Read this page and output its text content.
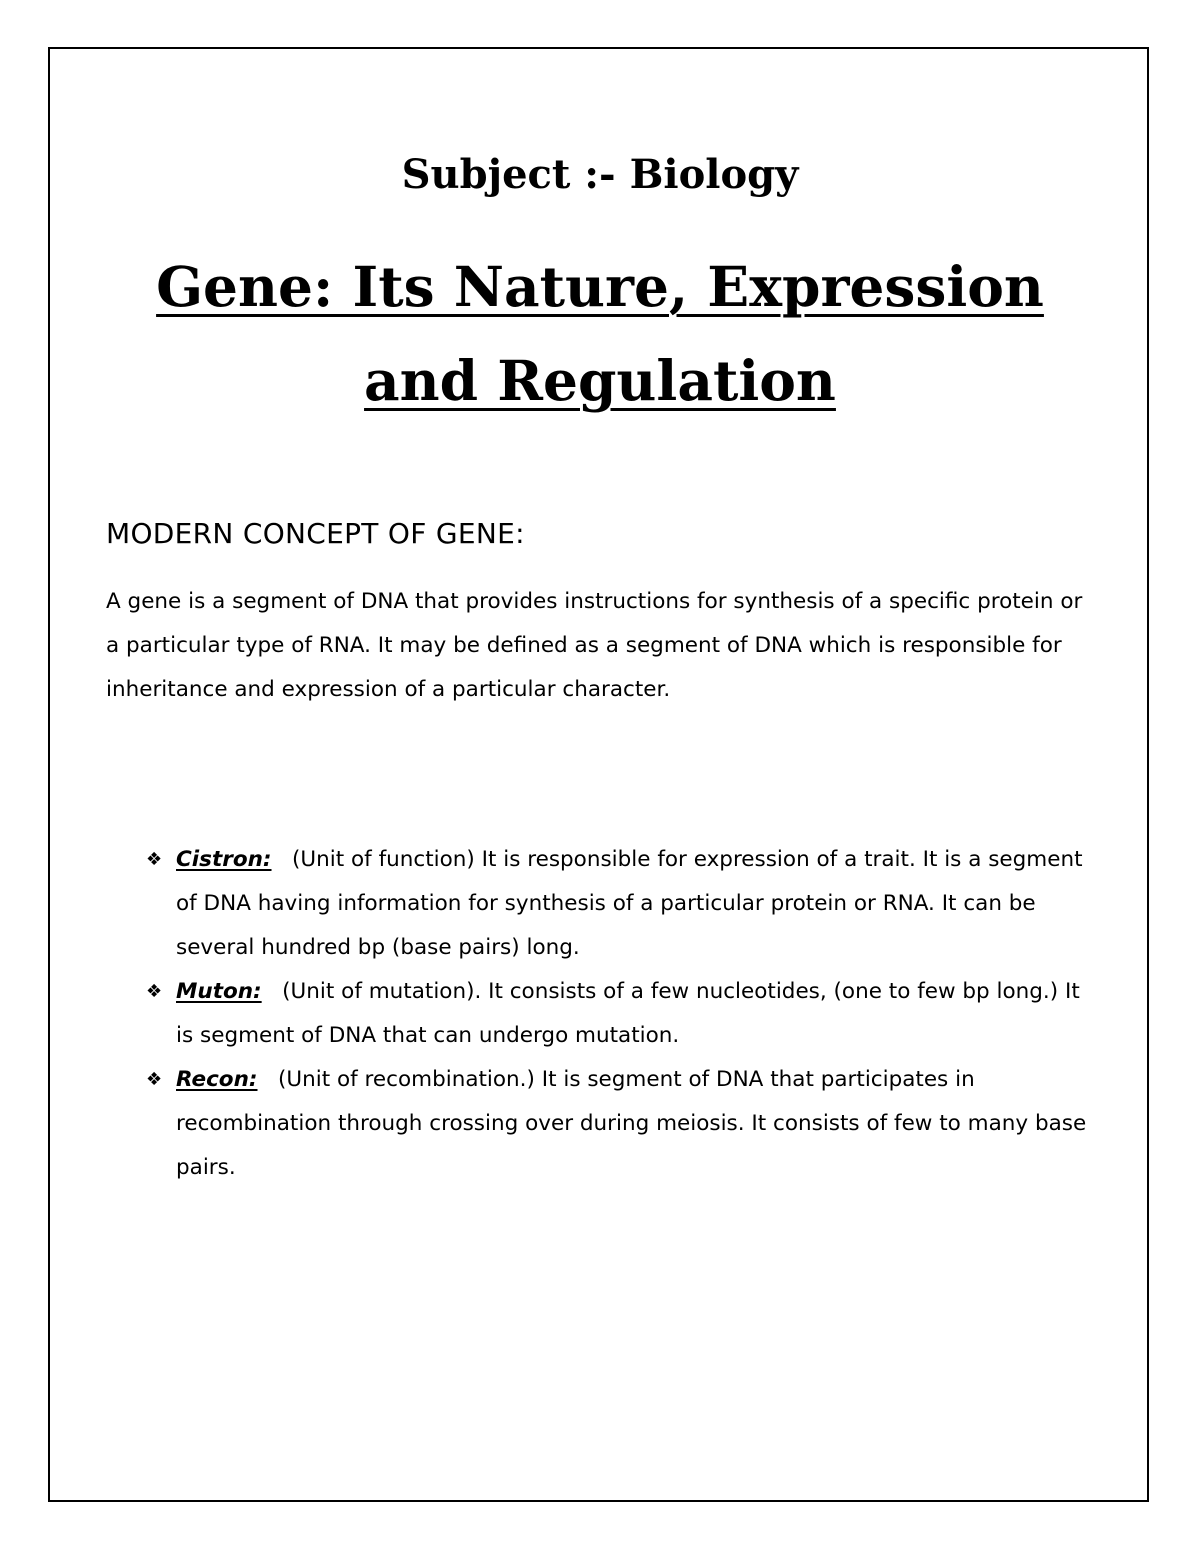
Subject :- Biology
Gene: Its Nature, Expression
and Regulation
MODERN CONCEPT OF GENE:

A gene is a segment of DNA that provides instructions for synthesis of a specific protein or a particular type of RNA. It may be defined as a segment of DNA which is responsible for inheritance and expression of a particular character.

❖ Cistron: (Unit of function) It is responsible for expression of a trait. It is a segment of DNA having information for synthesis of a particular protein or RNA. It can be several hundred bp (base pairs) long.
❖ Muton: (Unit of mutation). It consists of a few nucleotides, (one to few bp long.) It is segment of DNA that can undergo mutation.
❖ Recon: (Unit of recombination.) It is segment of DNA that participates in recombination through crossing over during meiosis. It consists of few to many base pairs.
